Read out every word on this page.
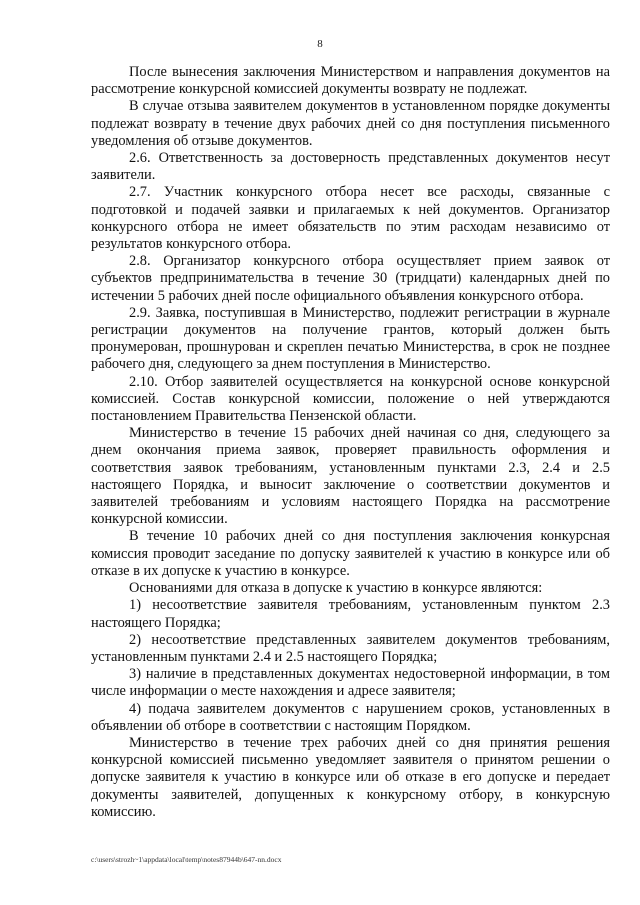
8

После вынесения заключения Министерством и направления документов на рассмотрение конкурсной комиссией документы возврату не подлежат.

В случае отзыва заявителем документов в установленном порядке документы подлежат возврату в течение двух рабочих дней со дня поступления письменного уведомления об отзыве документов.

2.6. Ответственность за достоверность представленных документов несут заявители.

2.7. Участник конкурсного отбора несет все расходы, связанные с подготовкой и подачей заявки и прилагаемых к ней документов. Организатор конкурсного отбора не имеет обязательств по этим расходам независимо от результатов конкурсного отбора.

2.8. Организатор конкурсного отбора осуществляет прием заявок от субъектов предпринимательства в течение 30 (тридцати) календарных дней по истечении 5 рабочих дней после официального объявления конкурсного отбора.

2.9. Заявка, поступившая в Министерство, подлежит регистрации в журнале регистрации документов на получение грантов, который должен быть пронумерован, прошнурован и скреплен печатью Министерства, в срок не позднее рабочего дня, следующего за днем поступления в Министерство.

2.10. Отбор заявителей осуществляется на конкурсной основе конкурсной комиссией. Состав конкурсной комиссии, положение о ней утверждаются постановлением Правительства Пензенской области.

Министерство в течение 15 рабочих дней начиная со дня, следующего за днем окончания приема заявок, проверяет правильность оформления и соответствия заявок требованиям, установленным пунктами 2.3, 2.4 и 2.5 настоящего Порядка, и выносит заключение о соответствии документов и заявителей требованиям и условиям настоящего Порядка на рассмотрение конкурсной комиссии.

В течение 10 рабочих дней со дня поступления заключения конкурсная комиссия проводит заседание по допуску заявителей к участию в конкурсе или об отказе в их допуске к участию в конкурсе.

Основаниями для отказа в допуске к участию в конкурсе являются:

1) несоответствие заявителя требованиям, установленным пунктом 2.3 настоящего Порядка;

2) несоответствие представленных заявителем документов требованиям, установленным пунктами 2.4 и 2.5 настоящего Порядка;

3) наличие в представленных документах недостоверной информации, в том числе информации о месте нахождения и адресе заявителя;

4) подача заявителем документов с нарушением сроков, установленных в объявлении об отборе в соответствии с настоящим Порядком.

Министерство в течение трех рабочих дней со дня принятия решения конкурсной комиссией письменно уведомляет заявителя о принятом решении о допуске заявителя к участию в конкурсе или об отказе в его допуске и передает документы заявителей, допущенных к конкурсному отбору, в конкурсную комиссию.

c:\users\strozh~1\appdata\local\temp\notes87944b\647-nn.docx
